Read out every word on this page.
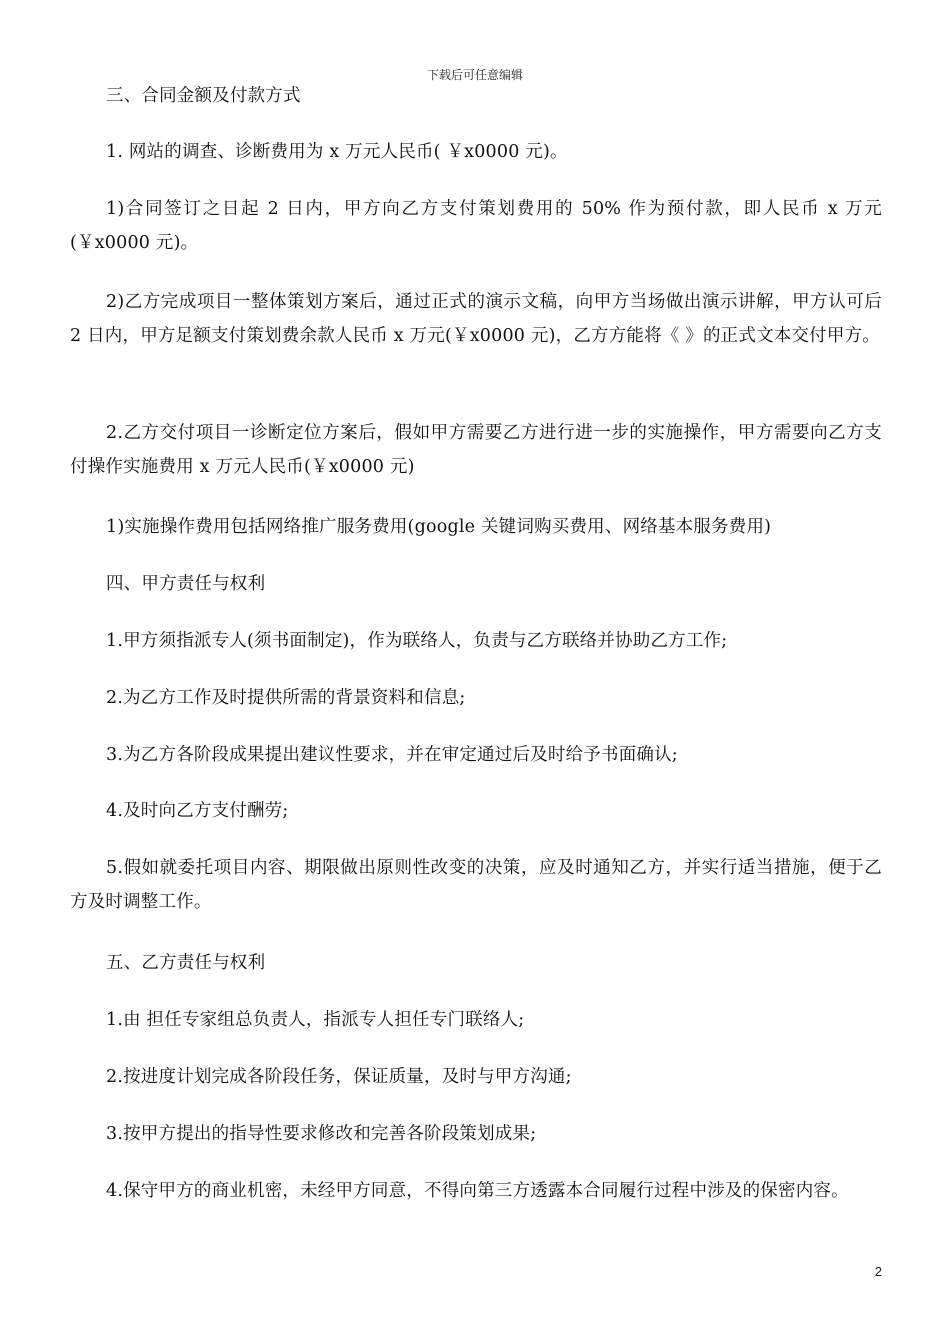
下载后可任意编辑

三、合同金额及付款方式

1. 网站的调查、诊断费用为 x 万元人民币( ￥x0000 元)。

1)合同签订之日起 2 日内，甲方向乙方支付策划费用的 50% 作为预付款，即人民币 x 万元(￥x0000 元)。

2)乙方完成项目一整体策划方案后，通过正式的演示文稿，向甲方当场做出演示讲解，甲方认可后 2 日内，甲方足额支付策划费余款人民币 x 万元(￥x0000 元)，乙方方能将《 》的正式文本交付甲方。

2.乙方交付项目一诊断定位方案后，假如甲方需要乙方进行进一步的实施操作，甲方需要向乙方支付操作实施费用 x 万元人民币(￥x0000 元)

1)实施操作费用包括网络推广服务费用(google 关键词购买费用、网络基本服务费用)

四、甲方责任与权利

1.甲方须指派专人(须书面制定)，作为联络人，负责与乙方联络并协助乙方工作;

2.为乙方工作及时提供所需的背景资料和信息;

3.为乙方各阶段成果提出建议性要求，并在审定通过后及时给予书面确认;

4.及时向乙方支付酬劳;

5.假如就委托项目内容、期限做出原则性改变的决策，应及时通知乙方，并实行适当措施，便于乙方及时调整工作。

五、乙方责任与权利

1.由 担任专家组总负责人，指派专人担任专门联络人;

2.按进度计划完成各阶段任务，保证质量，及时与甲方沟通;

3.按甲方提出的指导性要求修改和完善各阶段策划成果;

4.保守甲方的商业机密，未经甲方同意，不得向第三方透露本合同履行过程中涉及的保密内容。

2
